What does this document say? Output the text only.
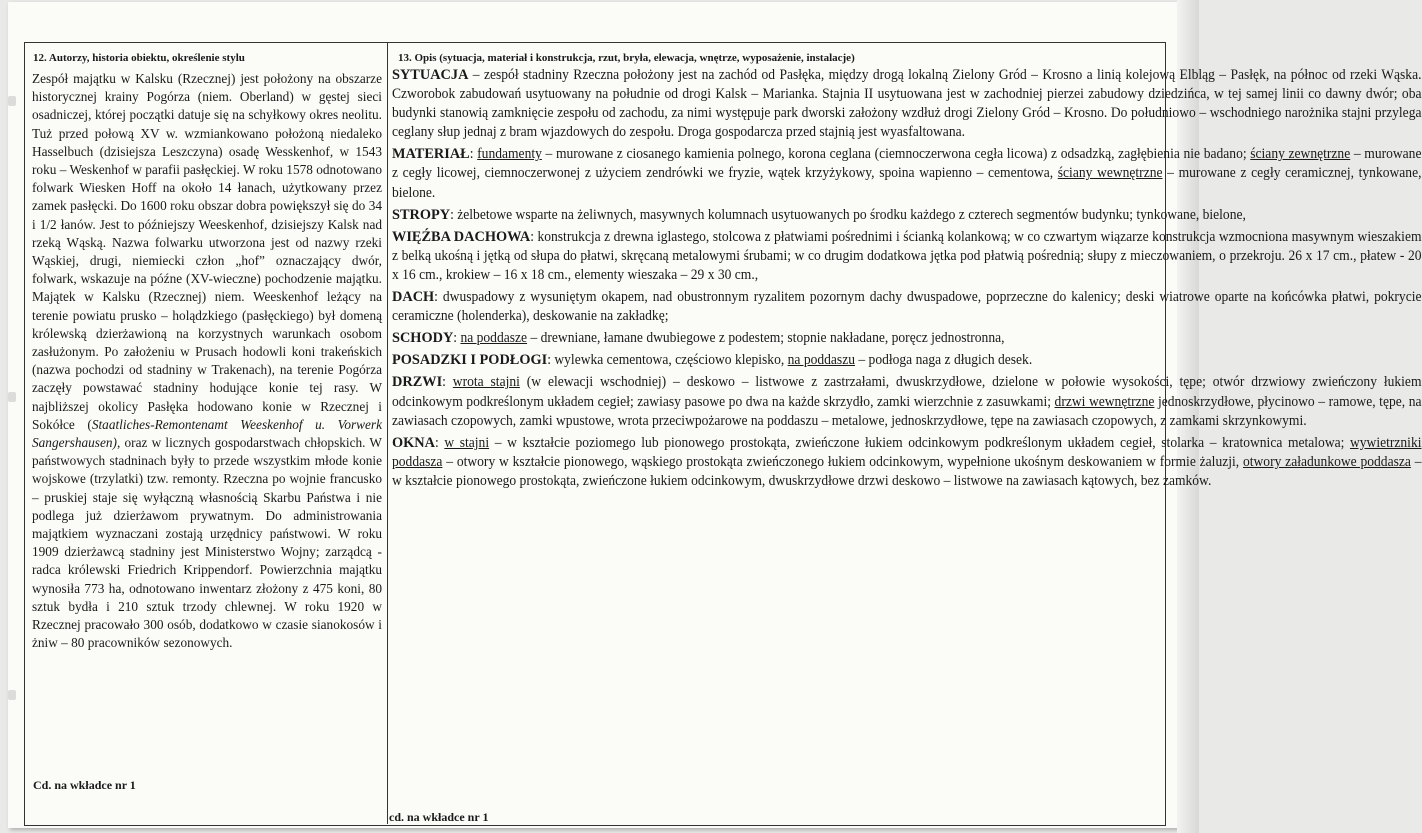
12. Autorzy, historia obiektu, określenie stylu	13. Opis (sytuacja, materiał i konstrukcja, rzut, bryła, elewacja, wnętrze, wyposażenie, instalacje)

Zespół majątku w Kalsku (Rzecznej) jest położony na obszarze historycznej krainy Pogórza (niem. Oberland) w gęstej sieci osadniczej, której początki datuje się na schyłkowy okres neolitu. Tuż przed połową XV w. wzmiankowano położoną niedaleko Hasselbuch (dzisiejsza Leszczyna) osadę Wesskenhof, w 1543 roku – Weskenhof w parafii pasłęckiej. W roku 1578 odnotowano folwark Wiesken Hoff na około 14 łanach, użytkowany przez zamek pasłęcki. Do 1600 roku obszar dobra powiększył się do 34 i 1/2 łanów. Jest to późniejszy Weeskenhof, dzisiejszy Kalsk nad rzeką Wąską. Nazwa folwarku utworzona jest od nazwy rzeki Wąskiej, drugi, niemiecki człon „hof” oznaczający dwór, folwark, wskazuje na późne (XV-wieczne) pochodzenie majątku. Majątek w Kalsku (Rzecznej) niem. Weeskenhof leżący na terenie powiatu prusko – holądzkiego (pasłęckiego) był domeną królewską dzierżawioną na korzystnych warunkach osobom zasłużonym. Po założeniu w Prusach hodowli koni trakeńskich (nazwa pochodzi od stadniny w Trakenach), na terenie Pogórza zaczęły powstawać stadniny hodujące konie tej rasy. W najbliższej okolicy Pasłęka hodowano konie w Rzecznej i Sokółce (Staatliches-Remontenamt Weeskenhof u. Vorwerk Sangershausen), oraz w licznych gospodarstwach chłopskich. W państwowych stadninach były to przede wszystkim młode konie wojskowe (trzylatki) tzw. remonty. Rzeczna po wojnie francusko – pruskiej staje się wyłączną własnością Skarbu Państwa i nie podlega już dzierżawom prywatnym. Do administrowania majątkiem wyznaczani zostają urzędnicy państwowi. W roku 1909 dzierżawcą stadniny jest Ministerstwo Wojny; zarządcą - radca królewski Friedrich Krippendorf. Powierzchnia majątku wynosiła 773 ha, odnotowano inwentarz złożony z 475 koni, 80 sztuk bydła i 210 sztuk trzody chlewnej. W roku 1920 w Rzecznej pracowało 300 osób, dodatkowo w czasie sianokosów i żniw – 80 pracowników sezonowych.

SYTUACJA – zespół stadniny Rzeczna położony jest na zachód od Pasłęka, między drogą lokalną Zielony Gród – Krosno a linią kolejową Elbląg – Pasłęk, na północ od rzeki Wąska. Czworobok zabudowań usytuowany na południe od drogi Kalsk – Marianka. Stajnia II usytuowana jest w zachodniej pierzei zabudowy dziedzińca, w tej samej linii co dawny dwór; oba budynki stanowią zamknięcie zespołu od zachodu, za nimi występuje park dworski założony wzdłuż drogi Zielony Gród – Krosno. Do południowo – wschodniego narożnika stajni przylega ceglany słup jednaj z bram wjazdowych do zespołu. Droga gospodarcza przed stajnią jest wyasfaltowana.

MATERIAŁ: fundamenty – murowane z ciosanego kamienia polnego, korona ceglana (ciemnoczerwona cegła licowa) z odsadzką, zagłębienia nie badano; ściany zewnętrzne – murowane z cegły licowej, ciemnoczerwonej z użyciem zendrówki we fryzie, wątek krzyżykowy, spoina wapienno – cementowa, ściany wewnętrzne – murowane z cegły ceramicznej, tynkowane, bielone.

STROPY: żelbetowe wsparte na żeliwnych, masywnych kolumnach usytuowanych po środku każdego z czterech segmentów budynku; tynkowane, bielone,

WIĘŹBA DACHOWA: konstrukcja z drewna iglastego, stolcowa z płatwiami pośrednimi i ścianką kolankową; w co czwartym wiązarze konstrukcja wzmocniona masywnym wieszakiem z belką ukośną i jętką od słupa do płatwi, skręcaną metalowymi śrubami; w co drugim dodatkowa jętka pod płatwią pośrednią; słupy z mieczowaniem, o przekroju. 26 x 17 cm., płatew - 20 x 16 cm., krokiew – 16 x 18 cm., elementy wieszaka – 29 x 30 cm.,

DACH: dwuspadowy z wysuniętym okapem, nad obustronnym ryzalitem pozornym dachy dwuspadowe, poprzeczne do kalenicy; deski wiatrowe oparte na końcówka płatwi, pokrycie ceramiczne (holenderka), deskowanie na zakładkę;

SCHODY: na poddasze – drewniane, łamane dwubiegowe z podestem; stopnie nakładane, poręcz jednostronna,

POSADZKI I PODŁOGI: wylewka cementowa, częściowo klepisko, na poddaszu – podłoga naga z długich desek.

DRZWI: wrota stajni (w elewacji wschodniej) – deskowo – listwowe z zastrzałami, dwuskrzydłowe, dzielone w połowie wysokości, tępe; otwór drzwiowy zwieńczony łukiem odcinkowym podkreślonym układem cegieł; zawiasy pasowe po dwa na każde skrzydło, zamki wierzchnie z zasuwkami; drzwi wewnętrzne jednoskrzydłowe, płycinowo – ramowe, tępe, na zawiasach czopowych, zamki wpustowe, wrota przeciwpożarowe na poddaszu – metalowe, jednoskrzydłowe, tępe na zawiasach czopowych, z zamkami skrzynkowymi.

OKNA: w stajni – w kształcie poziomego lub pionowego prostokąta, zwieńczone łukiem odcinkowym podkreślonym układem cegieł, stolarka – kratownica metalowa; wywietrzniki poddasza – otwory w kształcie pionowego, wąskiego prostokąta zwieńczonego łukiem odcinkowym, wypełnione ukośnym deskowaniem w formie żaluzji, otwory załadunkowe poddasza – w kształcie pionowego prostokąta, zwieńczone łukiem odcinkowym, dwuskrzydłowe drzwi deskowo – listwowe na zawiasach kątowych, bez zamków.

Cd. na wkładce nr 1
cd. na wkładce nr 1
